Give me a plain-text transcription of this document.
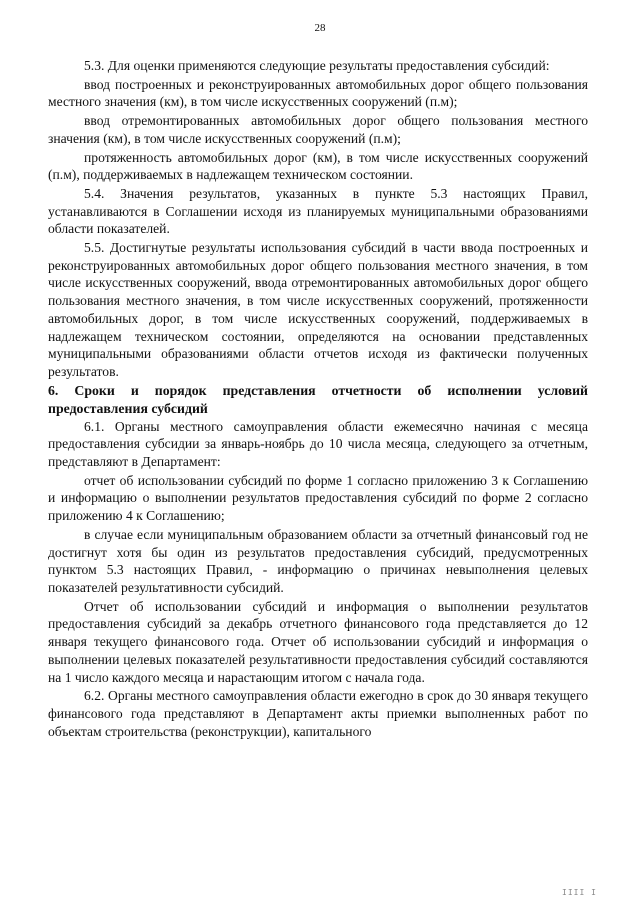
28

5.3. Для оценки применяются следующие результаты предоставления субсидий:

ввод построенных и реконструированных автомобильных дорог общего пользования местного значения (км), в том числе искусственных сооружений (п.м);

ввод отремонтированных автомобильных дорог общего пользования местного значения (км), в том числе искусственных сооружений (п.м);

протяженность автомобильных дорог (км), в том числе искусственных сооружений (п.м), поддерживаемых в надлежащем техническом состоянии.

5.4. Значения результатов, указанных в пункте 5.3 настоящих Правил, устанавливаются в Соглашении исходя из планируемых муниципальными образованиями области показателей.

5.5. Достигнутые результаты использования субсидий в части ввода построенных и реконструированных автомобильных дорог общего пользования местного значения, в том числе искусственных сооружений, ввода отремонтированных автомобильных дорог общего пользования местного значения, в том числе искусственных сооружений, протяженности автомобильных дорог, в том числе искусственных сооружений, поддерживаемых в надлежащем техническом состоянии, определяются на основании представленных муниципальными образованиями области отчетов исходя из фактически полученных результатов.

6. Сроки и порядок представления отчетности об исполнении условий предоставления субсидий

6.1. Органы местного самоуправления области ежемесячно начиная с месяца предоставления субсидии за январь-ноябрь до 10 числа месяца, следующего за отчетным, представляют в Департамент:

отчет об использовании субсидий по форме 1 согласно приложению 3 к Соглашению и информацию о выполнении результатов предоставления субсидий по форме 2 согласно приложению 4 к Соглашению;

в случае если муниципальным образованием области за отчетный финансовый год не достигнут хотя бы один из результатов предоставления субсидий, предусмотренных пунктом 5.3 настоящих Правил, - информацию о причинах невыполнения целевых показателей результативности субсидий.

Отчет об использовании субсидий и информация о выполнении результатов предоставления субсидий за декабрь отчетного финансового года представляется до 12 января текущего финансового года. Отчет об использовании субсидий и информация о выполнении целевых показателей результативности предоставления субсидий составляются на 1 число каждого месяца и нарастающим итогом с начала года.

6.2. Органы местного самоуправления области ежегодно в срок до 30 января текущего финансового года представляют в Департамент акты приемки выполненных работ по объектам строительства (реконструкции), капитального

IIII I
